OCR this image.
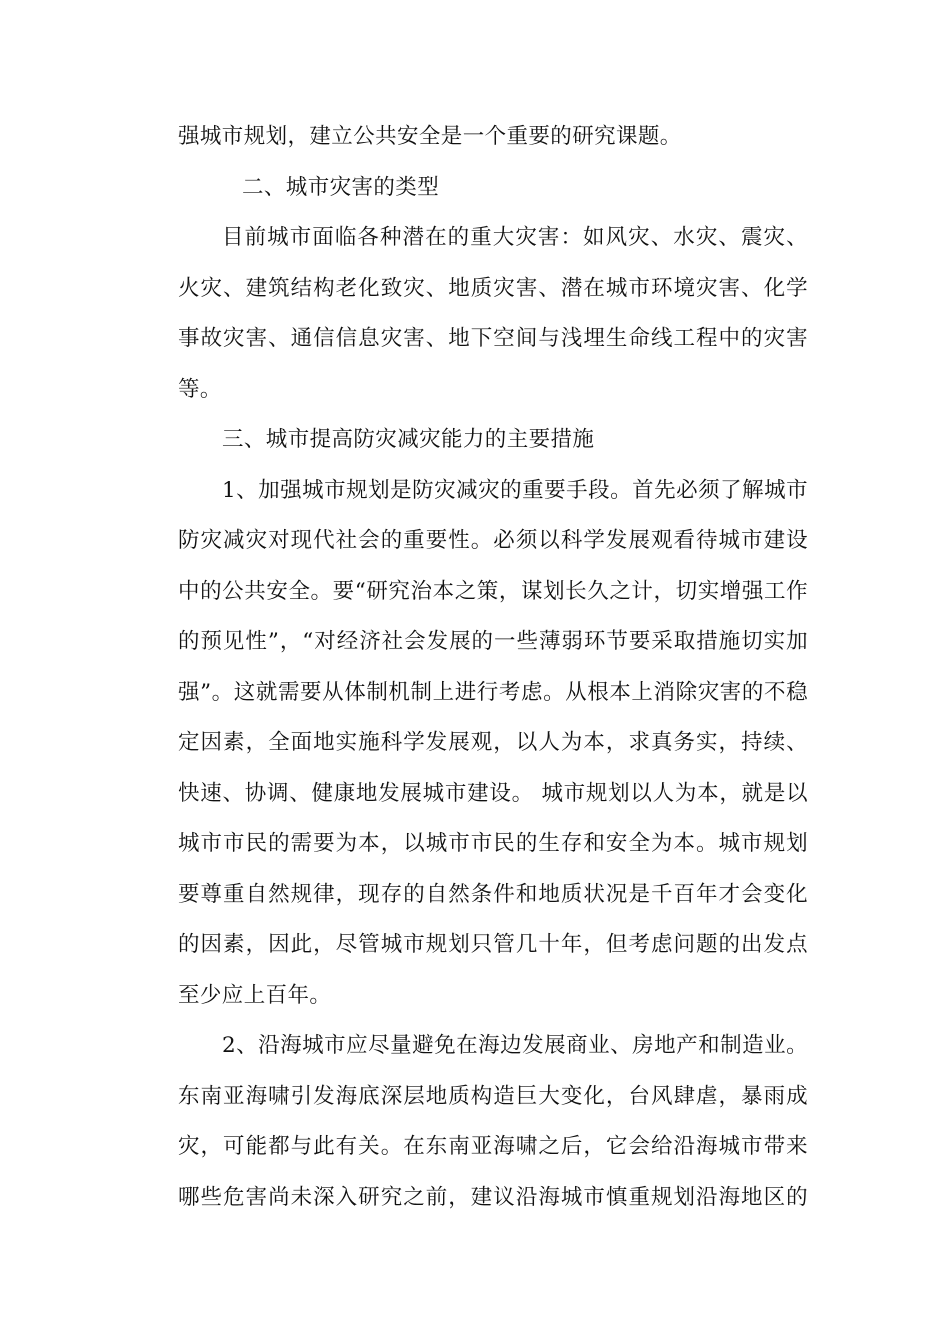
强城市规划，建立公共安全是一个重要的研究课题。
二、城市灾害的类型
目前城市面临各种潜在的重大灾害：如风灾、水灾、震灾、
火灾、建筑结构老化致灾、地质灾害、潜在城市环境灾害、化学
事故灾害、通信信息灾害、地下空间与浅埋生命线工程中的灾害
等。
三、城市提高防灾减灾能力的主要措施
1、加强城市规划是防灾减灾的重要手段。首先必须了解城市
防灾减灾对现代社会的重要性。必须以科学发展观看待城市建设
中的公共安全。要“研究治本之策，谋划长久之计，切实增强工作
的预见性”，“对经济社会发展的一些薄弱环节要采取措施切实加
强”。这就需要从体制机制上进行考虑。从根本上消除灾害的不稳
定因素，全面地实施科学发展观，以人为本，求真务实，持续、
快速、协调、健康地发展城市建设。 城市规划以人为本，就是以
城市市民的需要为本，以城市市民的生存和安全为本。城市规划
要尊重自然规律，现存的自然条件和地质状况是千百年才会变化
的因素，因此，尽管城市规划只管几十年，但考虑问题的出发点
至少应上百年。
2、沿海城市应尽量避免在海边发展商业、房地产和制造业。
东南亚海啸引发海底深层地质构造巨大变化，台风肆虐，暴雨成
灾，可能都与此有关。在东南亚海啸之后，它会给沿海城市带来
哪些危害尚未深入研究之前，建议沿海城市慎重规划沿海地区的
